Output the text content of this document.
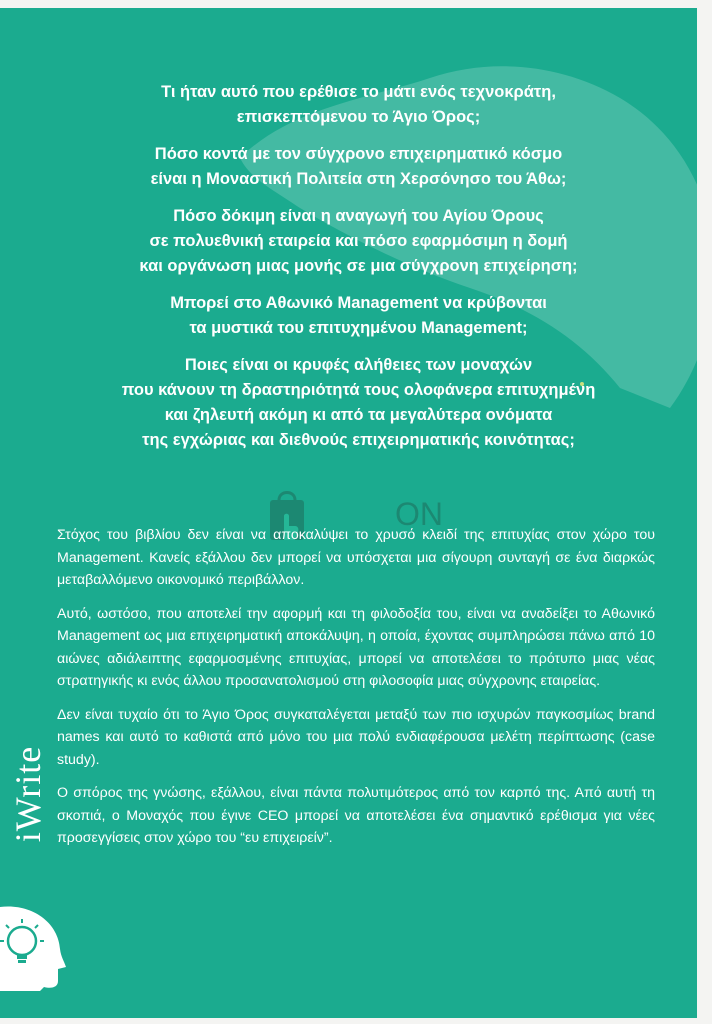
Τι ήταν αυτό που ερέθισε το μάτι ενός τεχνοκράτη,
επισκεπτόμενου το Άγιο Όρος;

Πόσο κοντά με τον σύγχρονο επιχειρηματικό κόσμο
είναι η Μοναστική Πολιτεία στη Χερσόνησο του Άθω;

Πόσο δόκιμη είναι η αναγωγή του Αγίου Όρους
σε πολυεθνική εταιρεία και πόσο εφαρμόσιμη η δομή
και οργάνωση μιας μονής σε μια σύγχρονη επιχείρηση;

Μπορεί στο Αθωνικό Management να κρύβονται
τα μυστικά του επιτυχημένου Management;

Ποιες είναι οι κρυφές αλήθειες των μοναχών
που κάνουν τη δραστηριότητά τους ολοφάνερα επιτυχημένη
και ζηλευτή ακόμη κι από τα μεγαλύτερα ονόματα
της εγχώριας και διεθνούς επιχειρηματικής κοινότητας;

ON

Στόχος του βιβλίου δεν είναι να αποκαλύψει το χρυσό κλειδί της επιτυχίας στον χώρο του Management. Κανείς εξάλλου δεν μπορεί να υπόσχεται μια σίγουρη συνταγή σε ένα διαρκώς μεταβαλλόμενο οικονομικό περιβάλλον.

Αυτό, ωστόσο, που αποτελεί την αφορμή και τη φιλοδοξία του, είναι να αναδείξει το Αθωνικό Management ως μια επιχειρηματική αποκάλυψη, η οποία, έχοντας συμπληρώσει πάνω από 10 αιώνες αδιάλειπτης εφαρμοσμένης επιτυχίας, μπορεί να αποτελέσει το πρότυπο μιας νέας στρατηγικής κι ενός άλλου προσανατολισμού στη φιλοσοφία μιας σύγχρονης εταιρείας.

Δεν είναι τυχαίο ότι το Άγιο Όρος συγκαταλέγεται μεταξύ των πιο ισχυρών παγκοσμίως brand names και αυτό το καθιστά από μόνο του μια πολύ ενδιαφέρουσα μελέτη περίπτωσης (case study).

Ο σπόρος της γνώσης, εξάλλου, είναι πάντα πολυτιμότερος από τον καρπό της. Από αυτή τη σκοπιά, ο Μοναχός που έγινε CEO μπορεί να αποτελέσει ένα σημαντικό ερέθισμα για νέες προσεγγίσεις στον χώρο του “ευ επιχειρείν”.

iWrite
